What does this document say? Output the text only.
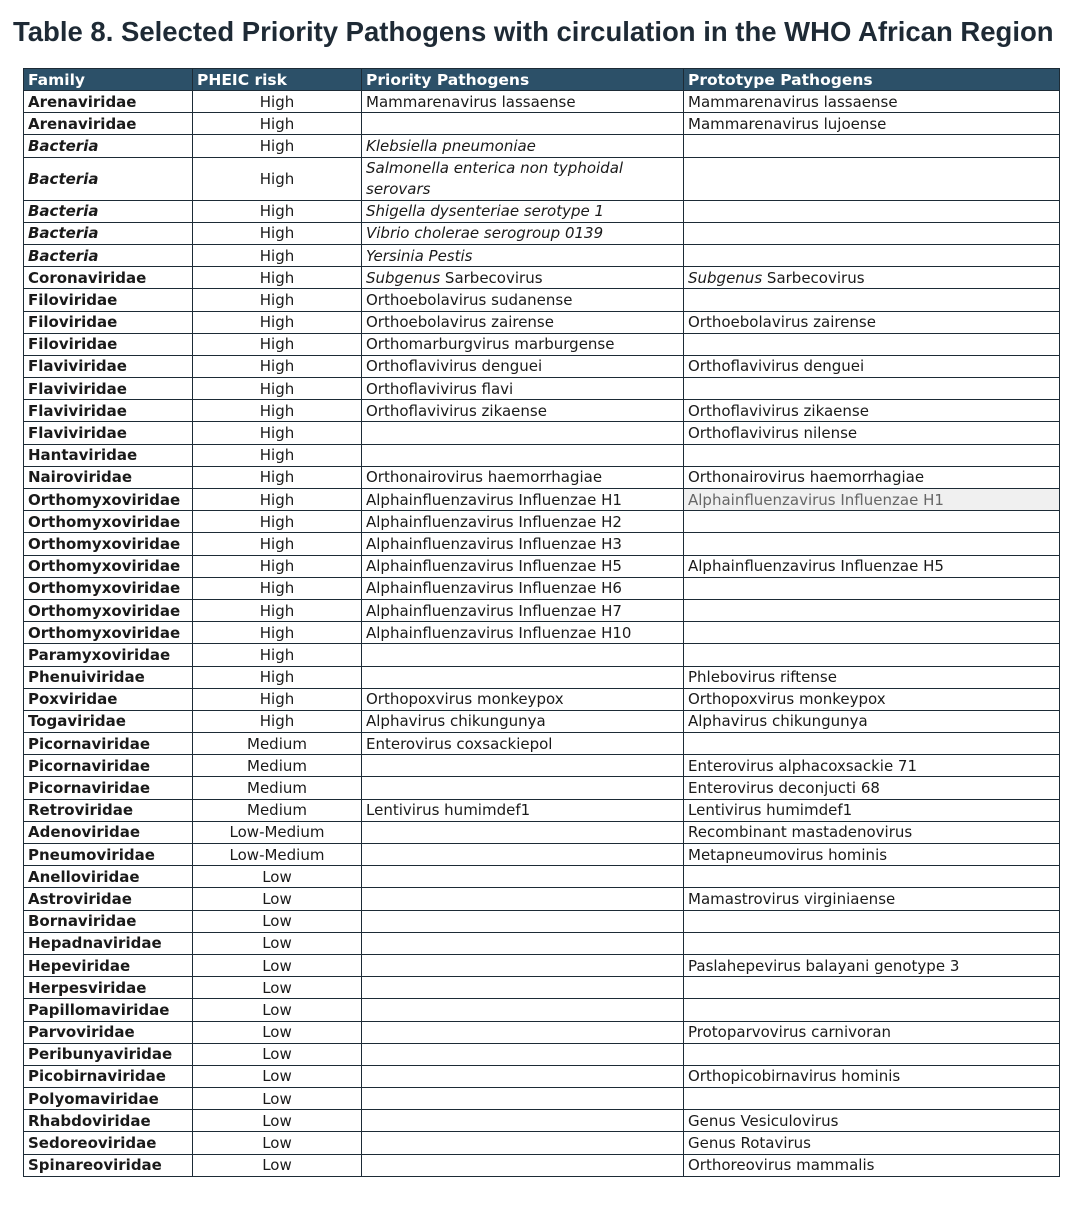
Table 8. Selected Priority Pathogens with circulation in the WHO African Region
Family	PHEIC risk	Priority Pathogens	Prototype Pathogens
Arenaviridae	High	Mammarenavirus lassaense	Mammarenavirus lassaense
Arenaviridae	High		Mammarenavirus lujoense
Bacteria	High	Klebsiella pneumoniae	
Bacteria	High	Salmonella enterica non typhoidal serovars	
Bacteria	High	Shigella dysenteriae serotype 1	
Bacteria	High	Vibrio cholerae serogroup 0139	
Bacteria	High	Yersinia Pestis	
Coronaviridae	High	Subgenus Sarbecovirus	Subgenus Sarbecovirus
Filoviridae	High	Orthoebolavirus sudanense	
Filoviridae	High	Orthoebolavirus zairense	Orthoebolavirus zairense
Filoviridae	High	Orthomarburgvirus marburgense	
Flaviviridae	High	Orthoflavivirus denguei	Orthoflavivirus denguei
Flaviviridae	High	Orthoflavivirus flavi	
Flaviviridae	High	Orthoflavivirus zikaense	Orthoflavivirus zikaense
Flaviviridae	High		Orthoflavivirus nilense
Hantaviridae	High		
Nairoviridae	High	Orthonairovirus haemorrhagiae	Orthonairovirus haemorrhagiae
Orthomyxoviridae	High	Alphainfluenzavirus Influenzae H1	Alphainfluenzavirus Influenzae H1
Orthomyxoviridae	High	Alphainfluenzavirus Influenzae H2	
Orthomyxoviridae	High	Alphainfluenzavirus Influenzae H3	
Orthomyxoviridae	High	Alphainfluenzavirus Influenzae H5	Alphainfluenzavirus Influenzae H5
Orthomyxoviridae	High	Alphainfluenzavirus Influenzae H6	
Orthomyxoviridae	High	Alphainfluenzavirus Influenzae H7	
Orthomyxoviridae	High	Alphainfluenzavirus Influenzae H10	
Paramyxoviridae	High		
Phenuiviridae	High		Phlebovirus riftense
Poxviridae	High	Orthopoxvirus monkeypox	Orthopoxvirus monkeypox
Togaviridae	High	Alphavirus chikungunya	Alphavirus chikungunya
Picornaviridae	Medium	Enterovirus coxsackiepol	
Picornaviridae	Medium		Enterovirus alphacoxsackie 71
Picornaviridae	Medium		Enterovirus deconjucti 68
Retroviridae	Medium	Lentivirus humimdef1	Lentivirus humimdef1
Adenoviridae	Low-Medium		Recombinant mastadenovirus
Pneumoviridae	Low-Medium		Metapneumovirus hominis
Anelloviridae	Low		
Astroviridae	Low		Mamastrovirus virginiaense
Bornaviridae	Low		
Hepadnaviridae	Low		
Hepeviridae	Low		Paslahepevirus balayani genotype 3
Herpesviridae	Low		
Papillomaviridae	Low		
Parvoviridae	Low		Protoparvovirus carnivoran
Peribunyaviridae	Low		
Picobirnaviridae	Low		Orthopicobirnavirus hominis
Polyomaviridae	Low		
Rhabdoviridae	Low		Genus Vesiculovirus
Sedoreoviridae	Low		Genus Rotavirus
Spinareoviridae	Low		Orthoreovirus mammalis
